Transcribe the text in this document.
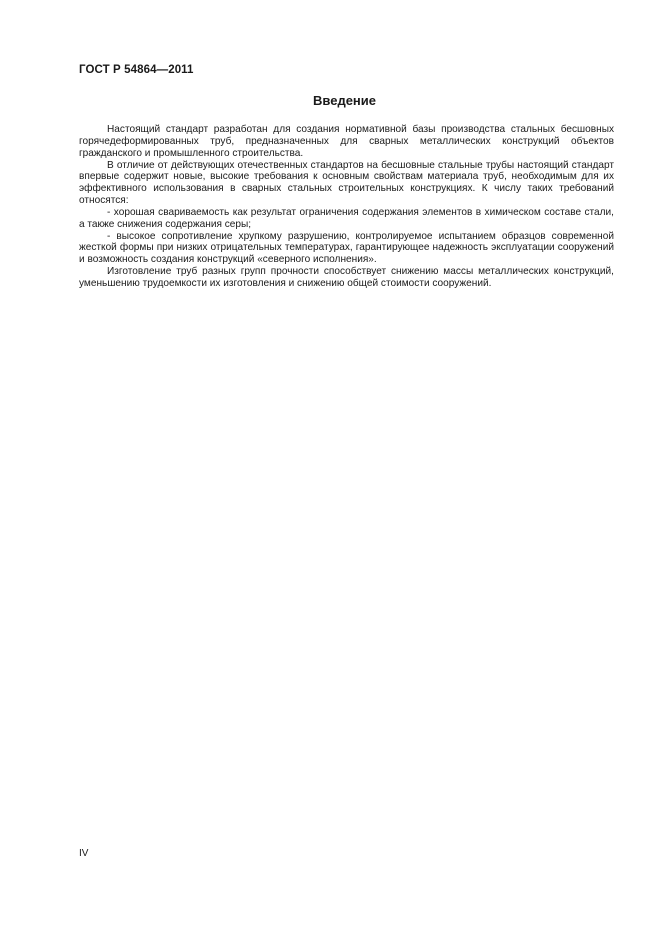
ГОСТ Р 54864—2011
Введение

Настоящий стандарт разработан для создания нормативной базы производства стальных бесшовных горячедеформированных труб, предназначенных для сварных металлических конструкций объектов гражданского и промышленного строительства.

В отличие от действующих отечественных стандартов на бесшовные стальные трубы настоящий стандарт впервые содержит новые, высокие требования к основным свойствам материала труб, необходимым для их эффективного использования в сварных стальных строительных конструкциях. К числу таких требований относятся:

- хорошая свариваемость как результат ограничения содержания элементов в химическом составе стали, а также снижения содержания серы;

- высокое сопротивление хрупкому разрушению, контролируемое испытанием образцов современной жесткой формы при низких отрицательных температурах, гарантирующее надежность эксплуатации сооружений и возможность создания конструкций «северного исполнения».

Изготовление труб разных групп прочности способствует снижению массы металлических конструкций, уменьшению трудоемкости их изготовления и снижению общей стоимости сооружений.

IV
